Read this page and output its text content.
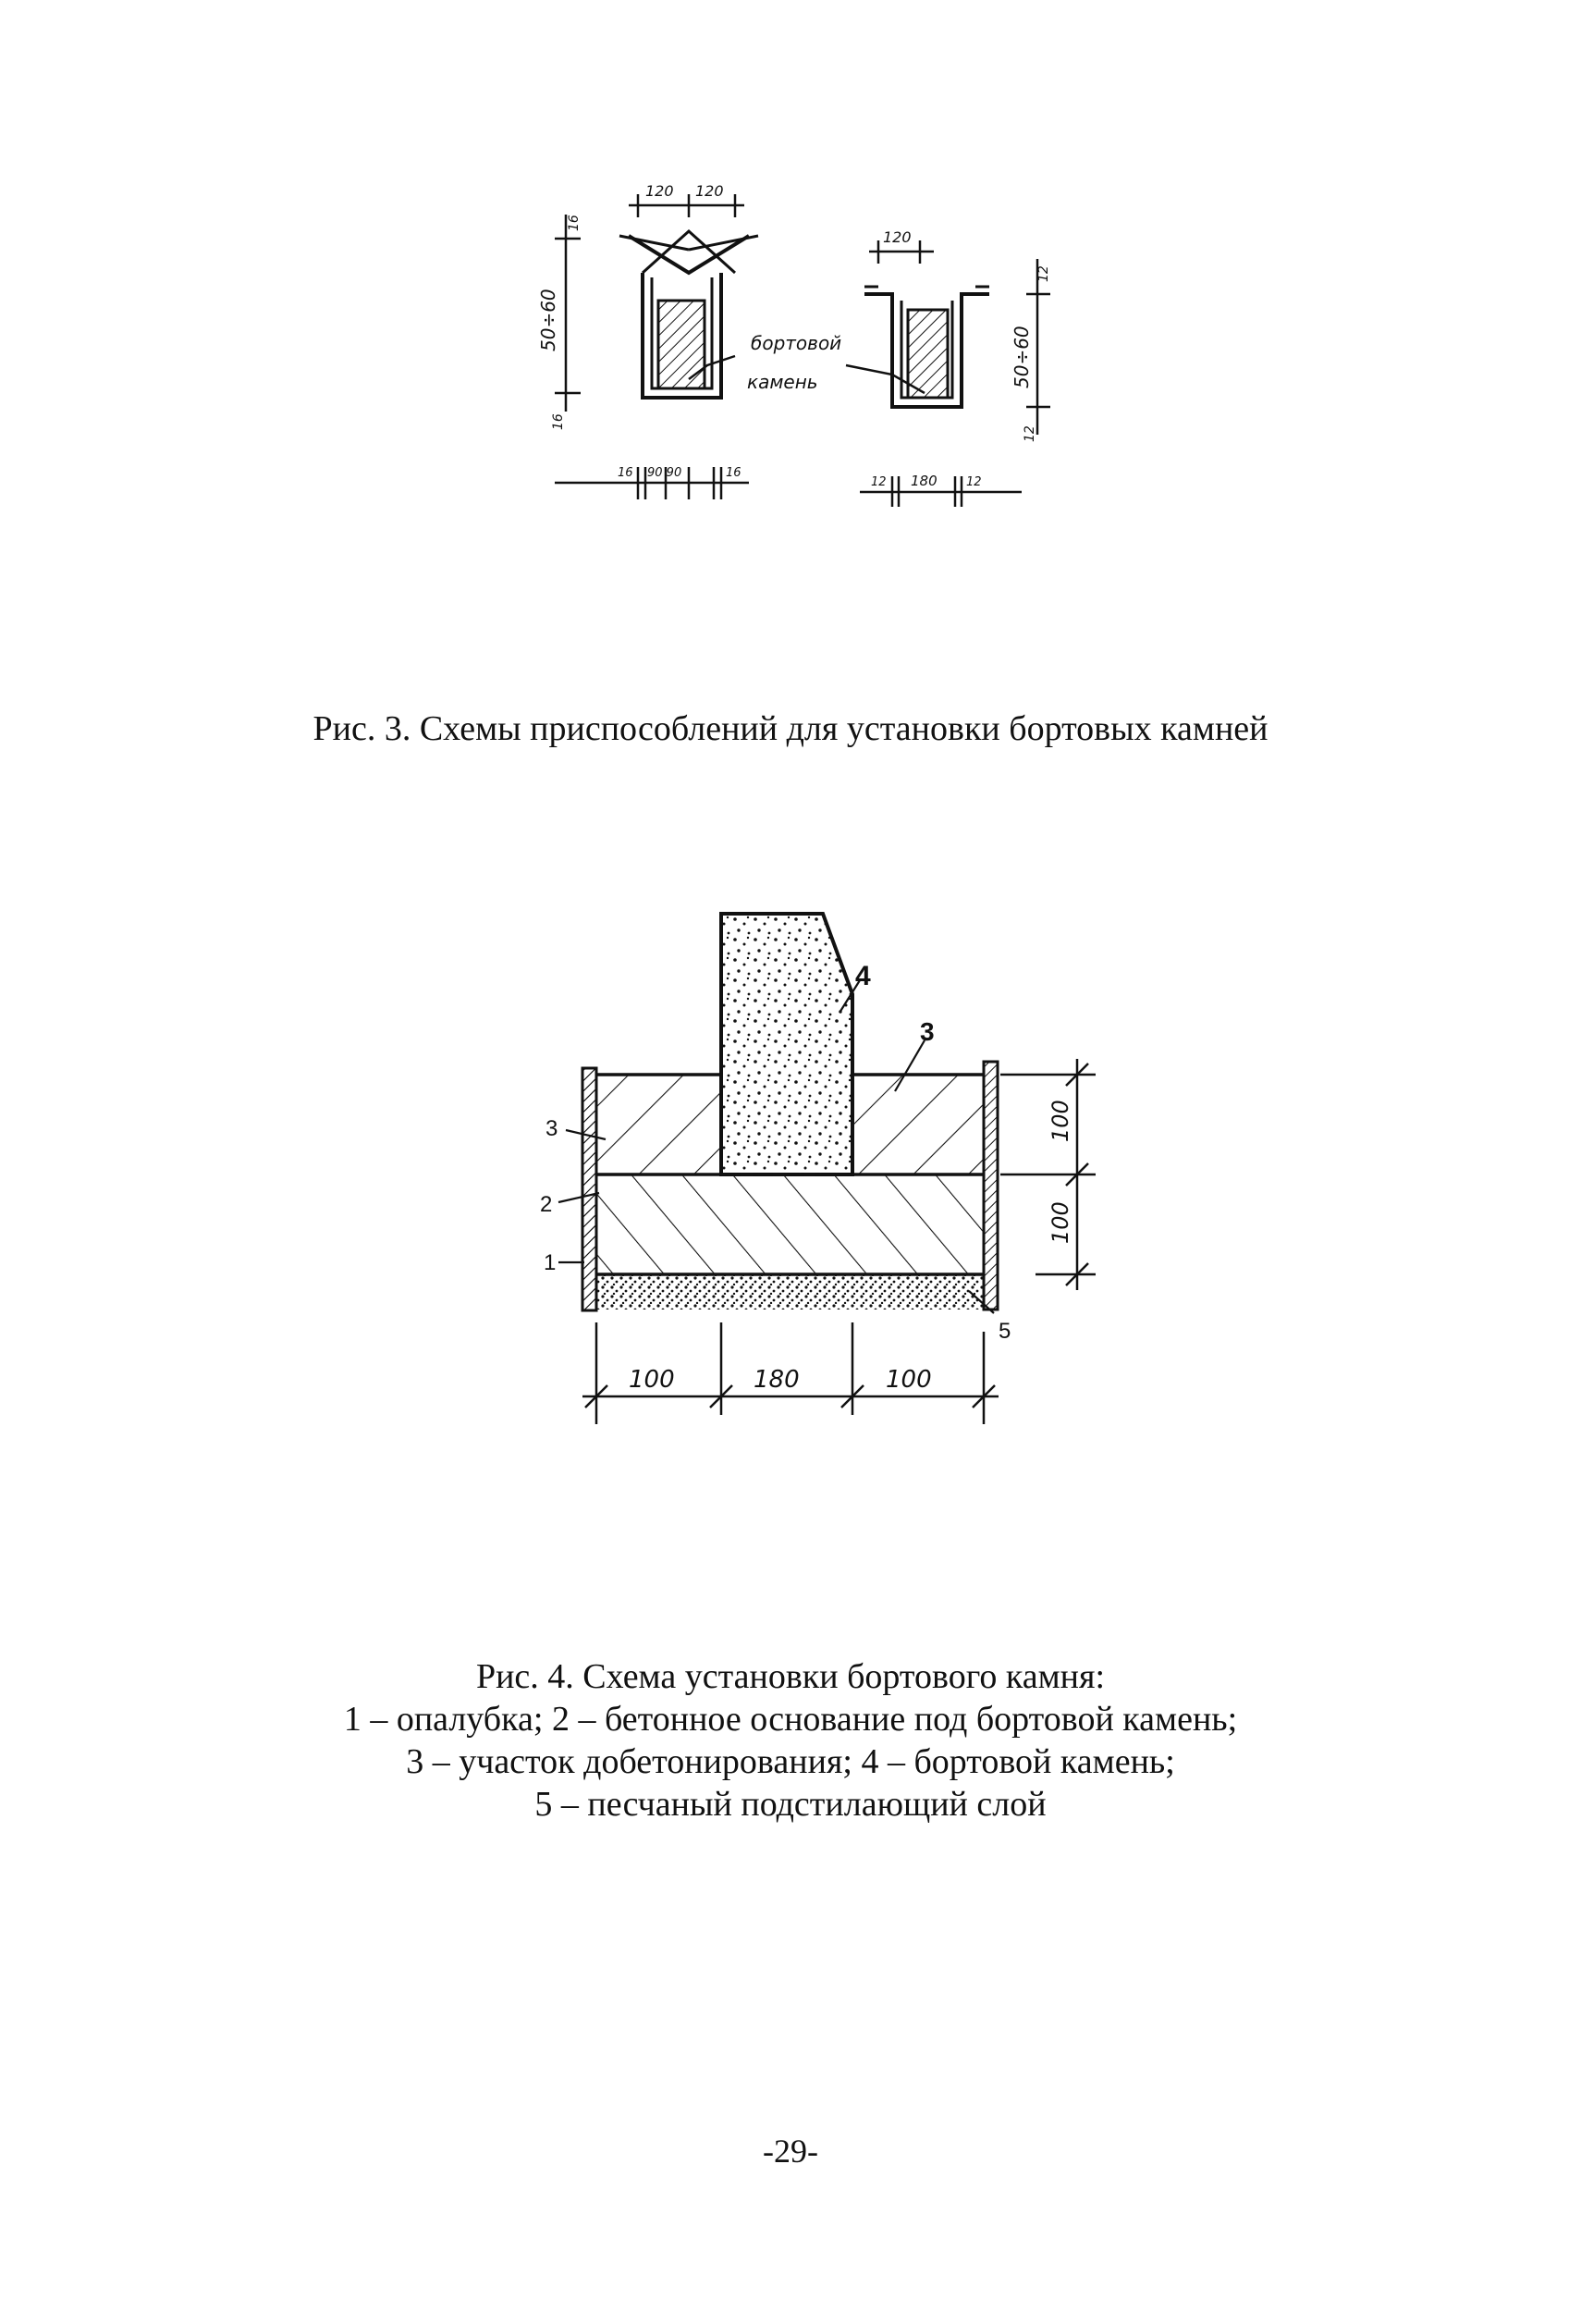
120 120
120
50÷60
16
16
50÷60
12
12
16 90 90	16
12 180 12
бортовой
камень
Рис. 3. Схемы приспособлений для установки бортовых камней
100
100
100	180	100
3
2
1
3
4
5
Рис. 4. Схема установки бортового камня:
1 – опалубка; 2 – бетонное основание под бортовой камень;
3 – участок добетонирования; 4 – бортовой камень;
5 – песчаный подстилающий слой
-29-
